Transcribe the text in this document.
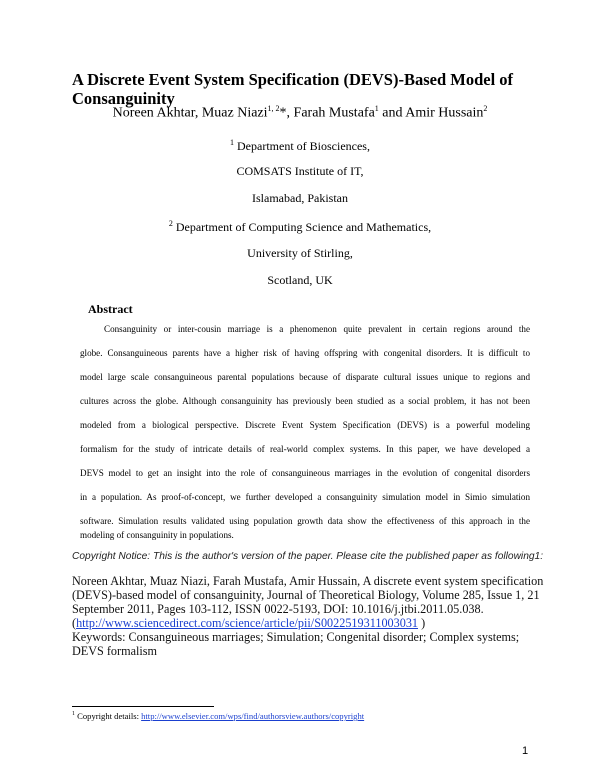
A Discrete Event System Specification (DEVS)-Based Model of Consanguinity
Noreen Akhtar, Muaz Niazi$^{1, 2}$*, Farah Mustafa$^1$ and Amir Hussain$^2$
$^1$ Department of Biosciences,
COMSATS Institute of IT,
Islamabad, Pakistan
$^2$ Department of Computing Science and Mathematics,
University of Stirling,
Scotland, UK
Abstract
Consanguinity or inter-cousin marriage is a phenomenon quite prevalent in certain regions around the
globe. Consanguineous parents have a higher risk of having offspring with congenital disorders. It is difficult to
model large scale consanguineous parental populations because of disparate cultural issues unique to regions and
cultures across the globe. Although consanguinity has previously been studied as a social problem, it has not been
modeled from a biological perspective. Discrete Event System Specification (DEVS) is a powerful modeling
formalism for the study of intricate details of real-world complex systems. In this paper, we have developed a
DEVS model to get an insight into the role of consanguineous marriages in the evolution of congenital disorders
in a population. As proof-of-concept, we further developed a consanguinity simulation model in Simio simulation
software. Simulation results validated using population growth data show the effectiveness of this approach in the
modeling of consanguinity in populations.
Copyright Notice: This is the author's version of the paper. Please cite the published paper as following1:
Noreen Akhtar, Muaz Niazi, Farah Mustafa, Amir Hussain, A discrete event system specification
(DEVS)-based model of consanguinity, Journal of Theoretical Biology, Volume 285, Issue 1, 21
September 2011, Pages 103-112, ISSN 0022-5193, DOI: 10.1016/j.jtbi.2011.05.038.
(http://www.sciencedirect.com/science/article/pii/S0022519311003031 )
Keywords: Consanguineous marriages; Simulation; Congenital disorder; Complex systems;
DEVS formalism
$^1$ Copyright details: http://www.elsevier.com/wps/find/authorsview.authors/copyright
1
